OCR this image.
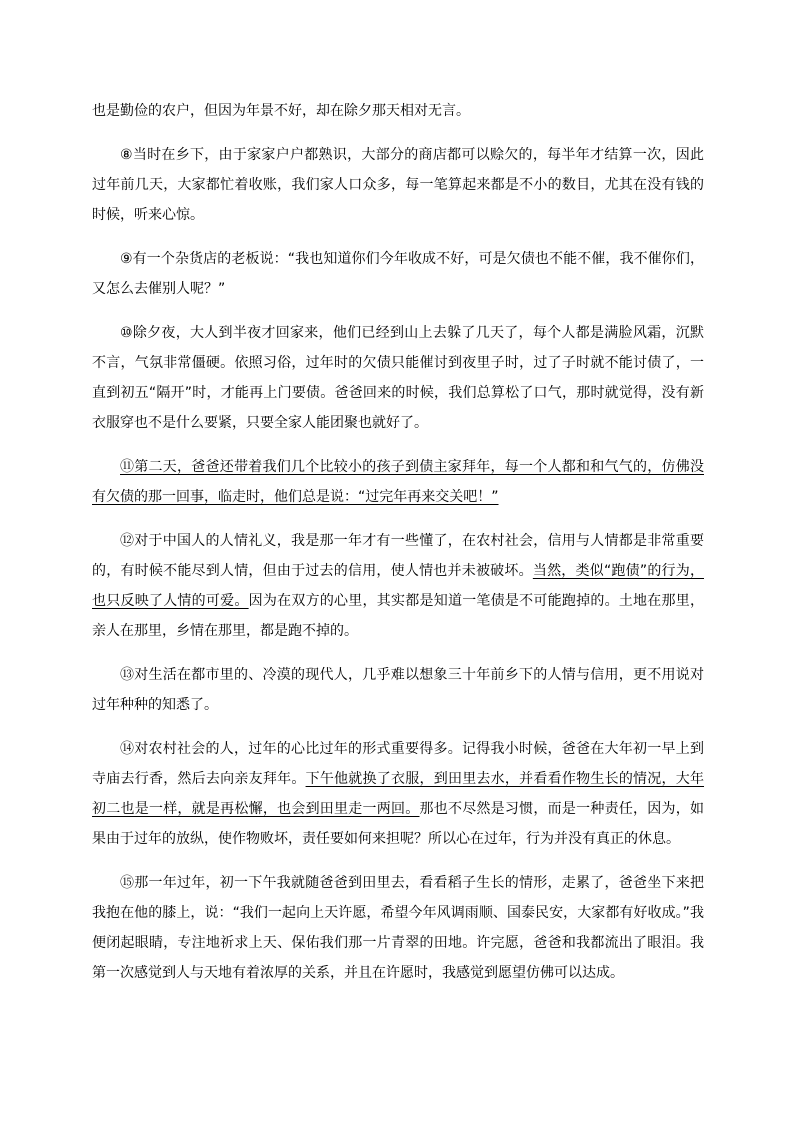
也是勤俭的农户，但因为年景不好，却在除夕那天相对无言。

⑧当时在乡下，由于家家户户都熟识，大部分的商店都可以赊欠的，每半年才结算一次，因此过年前几天，大家都忙着收账，我们家人口众多，每一笔算起来都是不小的数目，尤其在没有钱的时候，听来心惊。

⑨有一个杂货店的老板说：“我也知道你们今年收成不好，可是欠债也不能不催，我不催你们，又怎么去催别人呢？”

⑩除夕夜，大人到半夜才回家来，他们已经到山上去躲了几天了，每个人都是满脸风霜，沉默不言，气氛非常僵硬。依照习俗，过年时的欠债只能催讨到夜里子时，过了子时就不能讨债了，一直到初五“隔开”时，才能再上门要债。爸爸回来的时候，我们总算松了口气，那时就觉得，没有新衣服穿也不是什么要紧，只要全家人能团聚也就好了。

⑪第二天，爸爸还带着我们几个比较小的孩子到债主家拜年，每一个人都和和气气的，仿佛没有欠债的那一回事，临走时，他们总是说：“过完年再来交关吧！”

⑫对于中国人的人情礼义，我是那一年才有一些懂了，在农村社会，信用与人情都是非常重要的，有时候不能尽到人情，但由于过去的信用，使人情也并未被破坏。当然，类似“跑债”的行为，也只反映了人情的可爱。因为在双方的心里，其实都是知道一笔债是不可能跑掉的。土地在那里，亲人在那里，乡情在那里，都是跑不掉的。

⑬对生活在都市里的、冷漠的现代人，几乎难以想象三十年前乡下的人情与信用，更不用说对过年种种的知悉了。

⑭对农村社会的人，过年的心比过年的形式重要得多。记得我小时候，爸爸在大年初一早上到寺庙去行香，然后去向亲友拜年。下午他就换了衣服，到田里去水，并看看作物生长的情况，大年初二也是一样，就是再松懈，也会到田里走一两回。那也不尽然是习惯，而是一种责任，因为，如果由于过年的放纵，使作物败坏，责任要如何来担呢？所以心在过年，行为并没有真正的休息。

⑮那一年过年，初一下午我就随爸爸到田里去，看看稻子生长的情形，走累了，爸爸坐下来把我抱在他的膝上，说：“我们一起向上天许愿，希望今年风调雨顺、国泰民安，大家都有好收成。”我便闭起眼睛，专注地祈求上天、保佑我们那一片青翠的田地。许完愿，爸爸和我都流出了眼泪。我第一次感觉到人与天地有着浓厚的关系，并且在许愿时，我感觉到愿望仿佛可以达成。
